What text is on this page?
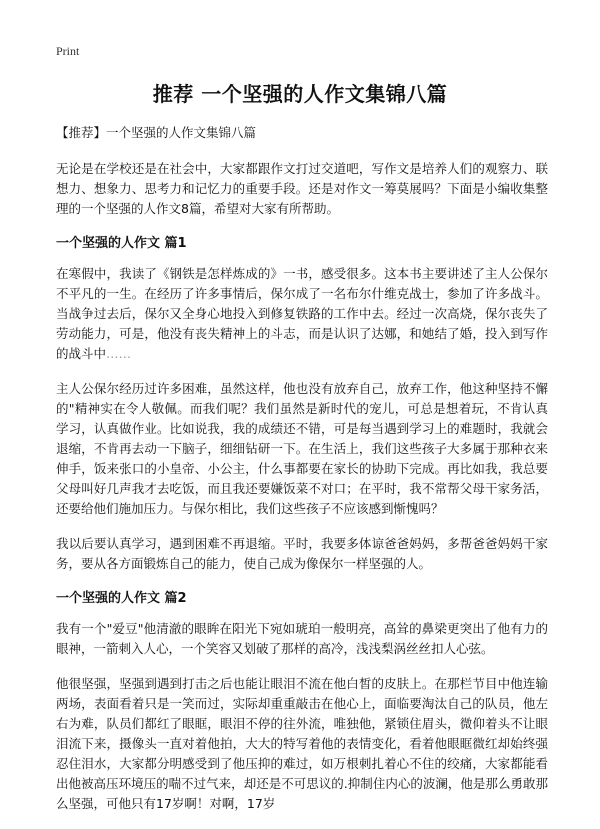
Print
推荐 一个坚强的人作文集锦八篇
【推荐】一个坚强的人作文集锦八篇

无论是在学校还是在社会中，大家都跟作文打过交道吧，写作文是培养人们的观察力、联想力、想象力、思考力和记忆力的重要手段。还是对作文一筹莫展吗？下面是小编收集整理的一个坚强的人作文8篇，希望对大家有所帮助。

一个坚强的人作文 篇1

在寒假中，我读了《钢铁是怎样炼成的》一书，感受很多。这本书主要讲述了主人公保尔不平凡的一生。在经历了许多事情后，保尔成了一名布尔什维克战士，参加了许多战斗。当战争过去后，保尔又全身心地投入到修复铁路的工作中去。经过一次高烧，保尔丧失了劳动能力，可是，他没有丧失精神上的斗志，而是认识了达娜，和她结了婚，投入到写作的战斗中……

主人公保尔经历过许多困难，虽然这样，他也没有放弃自己，放弃工作，他这种坚持不懈的"精神实在令人敬佩。而我们呢？我们虽然是新时代的宠儿，可总是想着玩，不肯认真学习，认真做作业。比如说我，我的成绩还不错，可是每当遇到学习上的难题时，我就会退缩，不肯再去动一下脑子，细细钻研一下。在生活上，我们这些孩子大多属于那种衣来伸手，饭来张口的小皇帝、小公主，什么事都要在家长的协助下完成。再比如我，我总要父母叫好几声我才去吃饭，而且我还要嫌饭菜不对口；在平时，我不常帮父母干家务活，还要给他们施加压力。与保尔相比，我们这些孩子不应该感到惭愧吗？

我以后要认真学习，遇到困难不再退缩。平时，我要多体谅爸爸妈妈，多帮爸爸妈妈干家务，要从各方面锻炼自己的能力，使自己成为像保尔一样坚强的人。

一个坚强的人作文 篇2

我有一个"爱豆"他清澈的眼眸在阳光下宛如琥珀一般明亮，高耸的鼻梁更突出了他有力的眼神，一箭刺入人心，一个笑容又划破了那样的高冷，浅浅梨涡丝丝扣人心弦。

他很坚强，坚强到遇到打击之后也能让眼泪不流在他白皙的皮肤上。在那栏节目中他连输两场，表面看着只是一笑而过，实际却重重敲击在他心上，面临要淘汰自己的队员，他左右为难，队员们都红了眼眶，眼泪不停的往外流，唯独他，紧锁住眉头，微仰着头不让眼泪流下来，摄像头一直对着他拍，大大的特写着他的表情变化，看着他眼眶微红却始终强忍住泪水，大家都分明感受到了他压抑的难过，如万根刺扎着心不住的绞痛，大家都能看出他被高压环境压的喘不过气来，却还是不可思议的.抑制住内心的波澜，他是那么勇敢那么坚强，可他只有17岁啊！对啊，17岁
